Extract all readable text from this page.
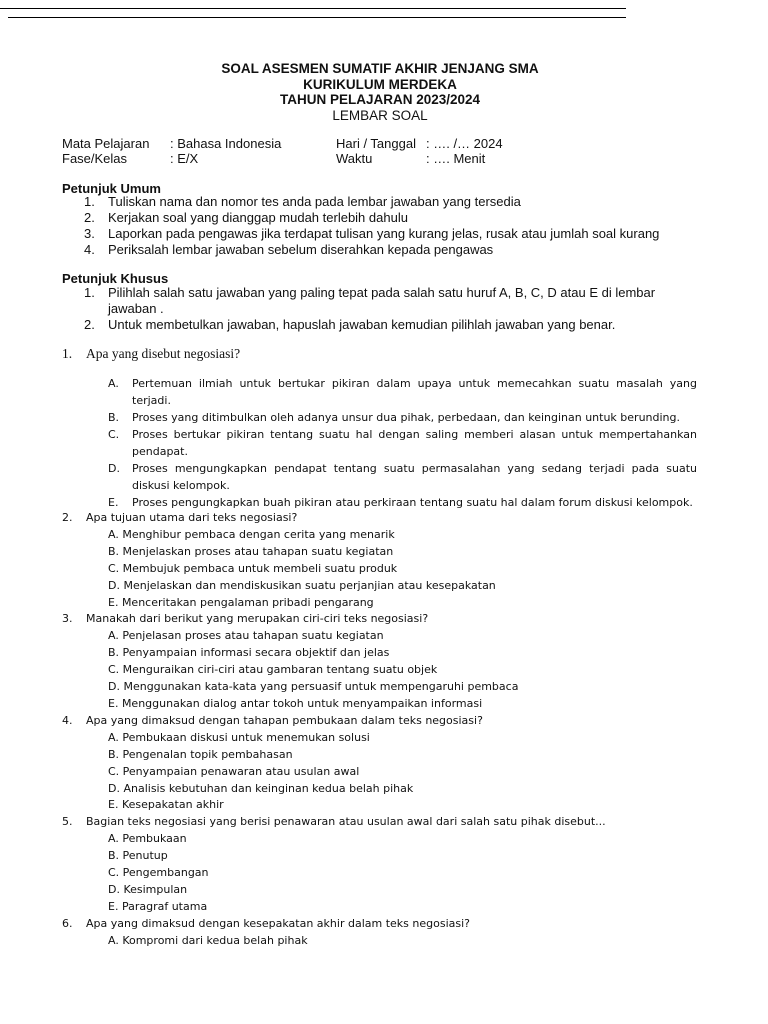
SOAL ASESMEN SUMATIF AKHIR JENJANG SMA
KURIKULUM MERDEKA
TAHUN PELAJARAN 2023/2024
LEMBAR SOAL
Mata Pelajaran	: Bahasa Indonesia	Hari / Tanggal : …. /… 2024
Fase/Kelas	: E/X	Waktu	: …. Menit
Petunjuk Umum
1.	Tuliskan nama dan nomor tes anda pada lembar jawaban yang tersedia
2.	Kerjakan soal yang dianggap mudah terlebih dahulu
3.	Laporkan pada pengawas jika terdapat tulisan yang kurang jelas, rusak atau jumlah soal kurang
4.	Periksalah lembar jawaban sebelum diserahkan kepada pengawas
Petunjuk Khusus
1.	Pilihlah salah satu jawaban yang paling tepat pada salah satu huruf A, B, C, D atau E di lembar jawaban .
2.	Untuk membetulkan jawaban, hapuslah jawaban kemudian pilihlah jawaban yang benar.
1.	Apa yang disebut negosiasi?
A.	Pertemuan ilmiah untuk bertukar pikiran dalam upaya untuk memecahkan suatu masalah yang terjadi.
B.	Proses yang ditimbulkan oleh adanya unsur dua pihak, perbedaan, dan keinginan untuk berunding.
C.	Proses bertukar pikiran tentang suatu hal dengan saling memberi alasan untuk mempertahankan pendapat.
D.	Proses mengungkapkan pendapat tentang suatu permasalahan yang sedang terjadi pada suatu diskusi kelompok.
E.	Proses pengungkapkan buah pikiran atau perkiraan tentang suatu hal dalam forum diskusi kelompok.
2.	Apa tujuan utama dari teks negosiasi?
A. Menghibur pembaca dengan cerita yang menarik
B. Menjelaskan proses atau tahapan suatu kegiatan
C. Membujuk pembaca untuk membeli suatu produk
D. Menjelaskan dan mendiskusikan suatu perjanjian atau kesepakatan
E. Menceritakan pengalaman pribadi pengarang
3.	Manakah dari berikut yang merupakan ciri-ciri teks negosiasi?
A. Penjelasan proses atau tahapan suatu kegiatan
B. Penyampaian informasi secara objektif dan jelas
C. Menguraikan ciri-ciri atau gambaran tentang suatu objek
D. Menggunakan kata-kata yang persuasif untuk mempengaruhi pembaca
E. Menggunakan dialog antar tokoh untuk menyampaikan informasi
4.	Apa yang dimaksud dengan tahapan pembukaan dalam teks negosiasi?
A. Pembukaan diskusi untuk menemukan solusi
B. Pengenalan topik pembahasan
C. Penyampaian penawaran atau usulan awal
D. Analisis kebutuhan dan keinginan kedua belah pihak
E. Kesepakatan akhir
5.	Bagian teks negosiasi yang berisi penawaran atau usulan awal dari salah satu pihak disebut...
A. Pembukaan
B. Penutup
C. Pengembangan
D. Kesimpulan
E. Paragraf utama
6.	Apa yang dimaksud dengan kesepakatan akhir dalam teks negosiasi?
A. Kompromi dari kedua belah pihak
